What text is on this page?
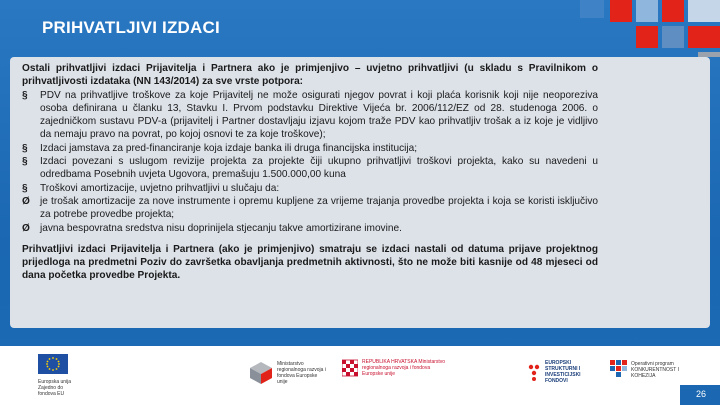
PRIHVATLJIVI IZDACI

Ostali prihvatljivi izdaci Prijavitelja i Partnera ako je primjenjivo – uvjetno prihvatljivi (u skladu s Pravilnikom o prihvatljivosti izdataka (NN 143/2014) za sve vrste potpora:

§	PDV na prihvatljive troškove za koje Prijavitelj ne može osigurati njegov povrat i koji plaća korisnik koji nije neoporeziva osoba definirana u članku 13, Stavku I. Prvom podstavku Direktive Vijeća br. 2006/112/EZ od 28. studenoga 2006. o zajedničkom sustavu PDV-a (prijavitelj i Partner dostavljaju izjavu kojom traže PDV kao prihvatljiv trošak a iz koje je vidljivo da nemaju pravo na povrat, po kojoj osnovi te za koje troškove);
§	Izdaci jamstava za pred-financiranje koja izdaje banka ili druga financijska institucija;
§	Izdaci povezani s uslugom revizije projekta za projekte čiji ukupno prihvatljivi troškovi projekta, kako su navedeni u odredbama Posebnih uvjeta Ugovora, premašuju 1.500.000,00 kuna
§	Troškovi amortizacije, uvjetno prihvatljivi u slučaju da:
Ø	je trošak amortizacije za nove instrumente i opremu kupljene za vrijeme trajanja provedbe projekta i koja se koristi isključivo za potrebe provedbe projekta;
Ø	javna bespovratna sredstva nisu doprinijela stjecanju takve amortizirane imovine.

Prihvatljivi izdaci Prijavitelja i Partnera (ako je primjenjivo) smatraju se izdaci nastali od datuma prijave projektnog prijedloga na predmetni Poziv do završetka obavljanja predmetnih aktivnosti, što ne može biti kasnije od 48 mjeseci od dana početka provedbe Projekta.

Europska unija Zajedno do fondova EU
Ministarstvo regionalnoga razvoja i fondova Europske unije
REPUBLIKA HRVATSKA Ministarstvo regionalnoga razvoja i fondova Europske unije
EUROPSKI STRUKTURNI I INVESTICIJSKI FONDOVI
Operativni program KONKURENTNOST I KOHEZIJA
26
